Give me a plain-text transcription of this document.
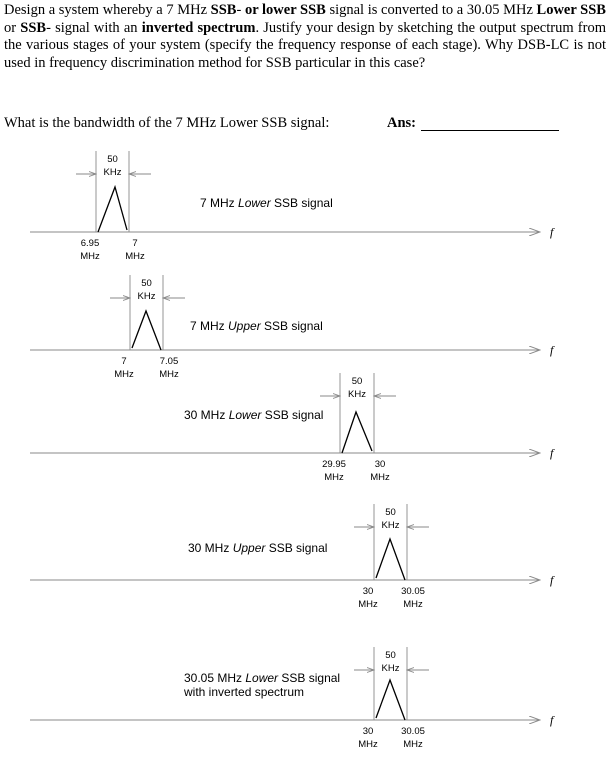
Design a system whereby a 7 MHz SSB- or lower SSB signal is converted to a 30.05 MHz Lower SSB or SSB- signal with an inverted spectrum. Justify your design by sketching the output spectrum from the various stages of your system (specify the frequency response of each stage). Why DSB-LC is not used in frequency discrimination method for SSB particular in this case?
What is the bandwidth of the 7 MHz Lower SSB signal:	Ans:
f
50
KHz
7 MHz Lower SSB signal
6.95
MHz
7
MHz
f
50
KHz
7 MHz Upper SSB signal
7
MHz
7.05
MHz
f
50
KHz
30 MHz Lower SSB signal
29.95
MHz
30
MHz
f
50
KHz
30 MHz Upper SSB signal
30
MHz
30.05
MHz
f
50
KHz
30.05 MHz Lower SSB signal
with inverted spectrum
30
MHz
30.05
MHz
